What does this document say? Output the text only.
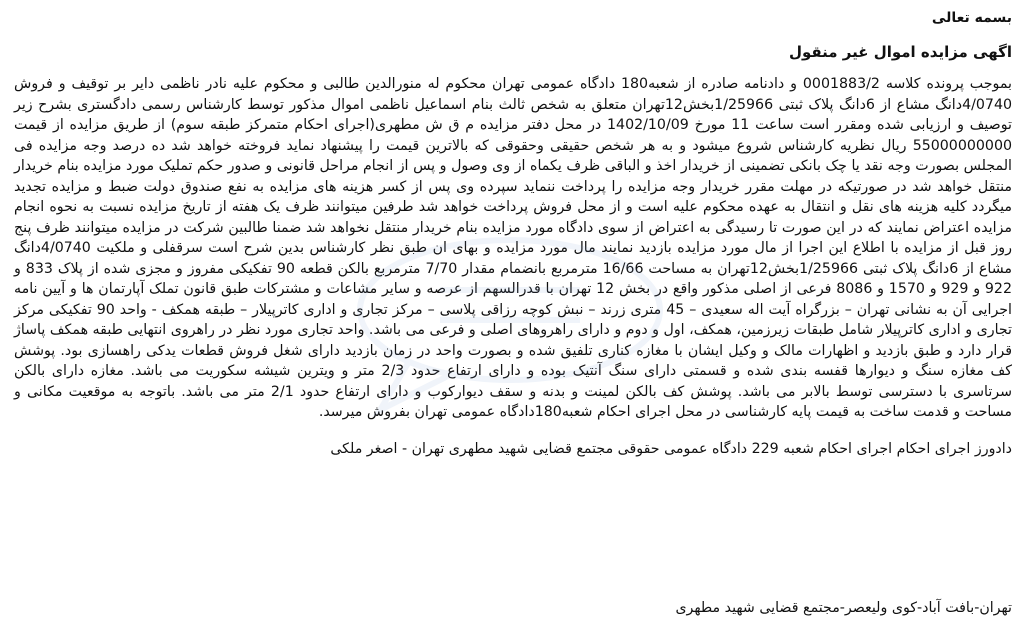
بسمه تعالی
اگهی مزایده اموال غیر منقول

بموجب پرونده کلاسه 0001883/2 و دادنامه صادره از شعبه180 دادگاه عمومی تهران محکوم له منورالدین طالبی و محکوم علیه نادر ناظمی دایر بر توقیف و فروش 4/0740دانگ مشاع از 6دانگ پلاک ثبتی 1/25966بخش12تهران متعلق به شخص ثالث بنام اسماعیل ناظمی اموال مذکور توسط کارشناس رسمی دادگستری بشرح زیر توصیف و ارزیابی شده ومقرر است ساعت 11 مورخ 1402/10/09 در محل دفتر مزایده م ق ش مطهری(اجرای احکام متمرکز طبقه سوم) از طریق مزایده از قیمت 55000000000 ریال نظریه کارشناس شروع میشود و به هر شخص حقیقی وحقوقی که بالاترین قیمت را پیشنهاد نماید فروخته خواهد شد ده درصد وجه مزایده فی المجلس بصورت وجه نقد یا چک بانکی تضمینی از خریدار اخذ و الباقی ظرف یکماه از وی وصول و پس از انجام مراحل قانونی و صدور حکم تملیک مورد مزایده بنام خریدار منتقل خواهد شد در صورتیکه در مهلت مقرر خریدار وجه مزایده را پرداخت ننماید سپرده وی پس از کسر هزینه های مزایده به نفع صندوق دولت ضبط و مزایده تجدید میگردد کلیه هزینه های نقل و انتقال به عهده محکوم علیه است و از محل فروش پرداخت خواهد شد طرفین میتوانند ظرف یک هفته از تاریخ مزایده نسبت به نحوه انجام مزایده اعتراض نمایند که در این صورت تا رسیدگی به اعتراض از سوی دادگاه مورد مزایده بنام خریدار منتقل نخواهد شد ضمنا طالبین شرکت در مزایده میتوانند ظرف پنج روز قبل از مزایده با اطلاع این اجرا از مال مورد مزایده بازدید نمایند مال مورد مزایده و بهای ان طبق نظر کارشناس بدین شرح است سرقفلی و ملکیت 4/0740دانگ مشاع از 6دانگ پلاک ثبتی 1/25966بخش12تهران به مساحت 16/66 مترمربع بانضمام مقدار 7/70 مترمربع بالکن قطعه 90 تفکیکی مفروز و مجزی شده از پلاک 833 و 922 و 929 و 1570 و 8086 فرعی از اصلی مذکور واقع در بخش 12 تهران با قدرالسهم از عرصه و سایر مشاعات و مشترکات طبق قانون تملک آپارتمان ها و آیین نامه اجرایی آن به نشانی تهران – بزرگراه آیت اله سعیدی – 45 متری زرند – نبش کوچه رزاقی پلاسی – مرکز تجاری و اداری کاترپیلار – طبقه همکف - واحد 90 تفکیکی مرکز تجاری و اداری کاترپیلار شامل طبقات زیرزمین، همکف، اول و دوم و دارای راهروهای اصلی و فرعی می باشد. واحد تجاری مورد نظر در راهروی انتهایی طبقه همکف پاساژ قرار دارد و طبق بازدید و اظهارات مالک و وکیل ایشان با مغازه کناری تلفیق شده و بصورت واحد در زمان بازدید دارای شغل فروش قطعات یدکی راهسازی بود. پوشش کف مغازه سنگ و دیوارها قفسه بندی شده و قسمتی دارای سنگ آنتیک بوده و دارای ارتفاع حدود 2/3 متر و ویترین شیشه سکوریت می باشد. مغازه دارای بالکن سرتاسری با دسترسی توسط بالابر می باشد. پوشش کف بالکن لمینت و بدنه و سقف دیوارکوب و دارای ارتفاع حدود 2/1 متر می باشد. باتوجه به موقعیت مکانی و مساحت و قدمت ساخت به قیمت پایه کارشناسی در محل اجرای احکام شعبه180دادگاه عمومی تهران بفروش میرسد.

دادورز اجرای احکام اجرای احکام شعبه 229 دادگاه عمومی حقوقی مجتمع قضایی شهید مطهری تهران - اصغر ملکی
تهران-بافت آباد-کوی ولیعصر-مجتمع قضایی شهید مطهری
